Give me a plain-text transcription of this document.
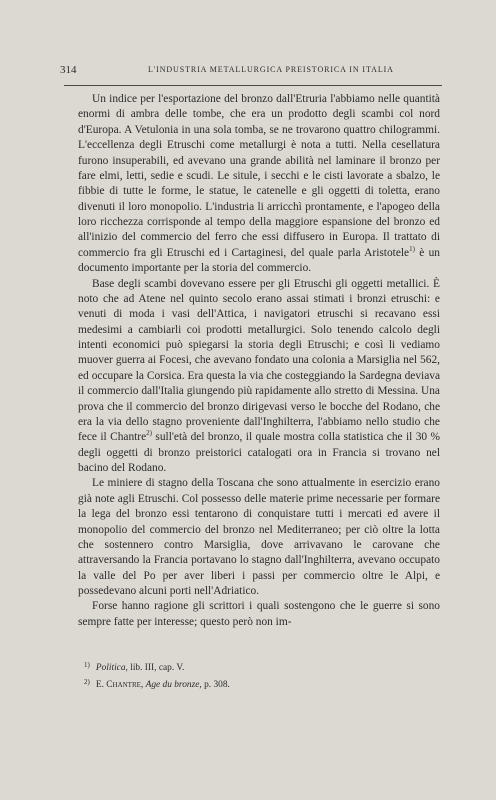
314	L'INDUSTRIA METALLURGICA PREISTORICA IN ITALIA

Un indice per l'esportazione del bronzo dall'Etruria l'abbiamo nelle quantità enormi di ambra delle tombe, che era un prodotto degli scambi col nord d'Europa. A Vetulonia in una sola tomba, se ne trovarono quattro chilogrammi. L'eccellenza degli Etruschi come metallurgi è nota a tutti. Nella cesellatura furono insuperabili, ed avevano una grande abilità nel laminare il bronzo per fare elmi, letti, sedie e scudi. Le situle, i secchi e le cisti lavorate a sbalzo, le fibbie di tutte le forme, le statue, le catenelle e gli oggetti di toletta, erano divenuti il loro monopolio. L'industria li arricchì prontamente, e l'apogeo della loro ricchezza corrisponde al tempo della maggiore espansione del bronzo ed all'inizio del commercio del ferro che essi diffusero in Europa. Il trattato di commercio fra gli Etruschi ed i Cartaginesi, del quale parla Aristotele$^{1)}$ è un documento importante per la storia del commercio.

Base degli scambi dovevano essere per gli Etruschi gli oggetti metallici. È noto che ad Atene nel quinto secolo erano assai stimati i bronzi etruschi: e venuti di moda i vasi dell'Attica, i navigatori etruschi si recavano essi medesimi a cambiarli coi prodotti metallurgici. Solo tenendo calcolo degli intenti economici può spiegarsi la storia degli Etruschi; e così li vediamo muover guerra ai Focesi, che avevano fondato una colonia a Marsiglia nel 562, ed occupare la Corsica. Era questa la via che costeggiando la Sardegna deviava il commercio dall'Italia giungendo più rapidamente allo stretto di Messina. Una prova che il commercio del bronzo dirigevasi verso le bocche del Rodano, che era la via dello stagno proveniente dall'Inghilterra, l'abbiamo nello studio che fece il Chantre$^{2)}$ sull'età del bronzo, il quale mostra colla statistica che il 30 % degli oggetti di bronzo preistorici catalogati ora in Francia si trovano nel bacino del Rodano.

Le miniere di stagno della Toscana che sono attualmente in esercizio erano già note agli Etruschi. Col possesso delle materie prime necessarie per formare la lega del bronzo essi tentarono di conquistare tutti i mercati ed avere il monopolio del commercio del bronzo nel Mediterraneo; per ciò oltre la lotta che sostennero contro Marsiglia, dove arrivavano le carovane che attraversando la Francia portavano lo stagno dall'Inghilterra, avevano occupato la valle del Po per aver liberi i passi per commercio oltre le Alpi, e possedevano alcuni porti nell'Adriatico.

Forse hanno ragione gli scrittori i quali sostengono che le guerre si sono sempre fatte per interesse; questo però non im-

$^{1)}$ Politica, lib. III, cap. V.
$^{2)}$ E. Chantre, Age du bronze, p. 308.
